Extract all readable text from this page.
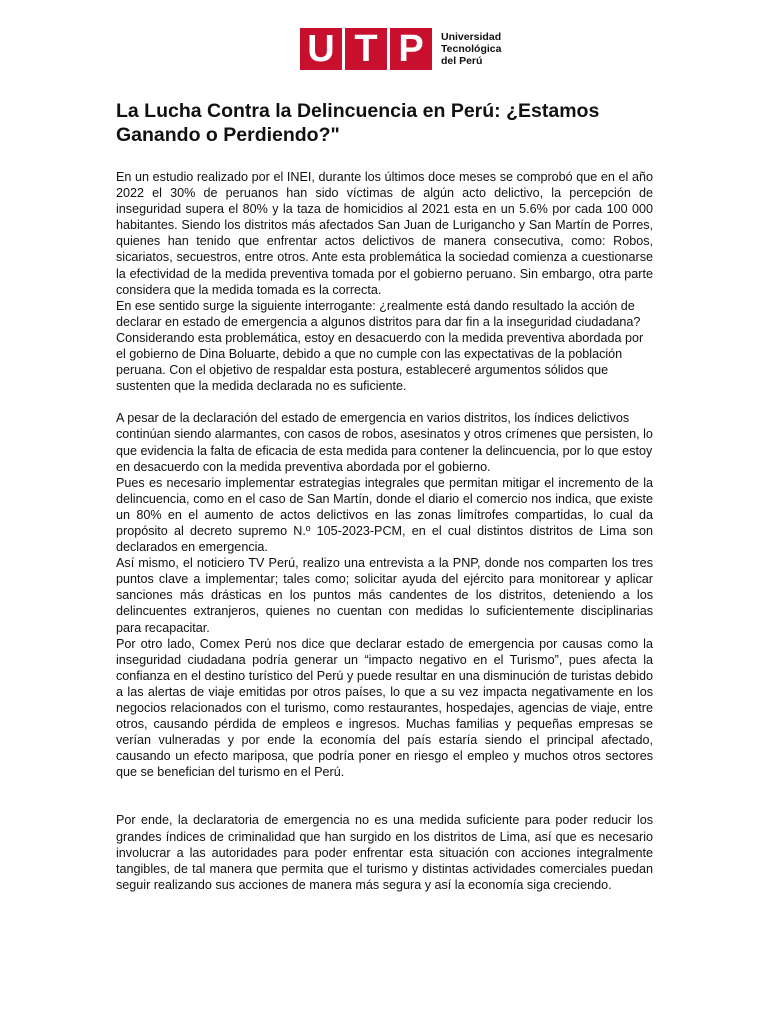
U T P	Universidad
Tecnológica
del Perú
La Lucha Contra la Delincuencia en Perú: ¿Estamos Ganando o Perdiendo?"

En un estudio realizado por el INEI, durante los últimos doce meses se comprobó que en el año 2022 el 30% de peruanos han sido víctimas de algún acto delictivo, la percepción de inseguridad supera el 80% y la taza de homicidios al 2021 esta en un 5.6% por cada 100 000 habitantes. Siendo los distritos más afectados San Juan de Lurigancho y San Martín de Porres, quienes han tenido que enfrentar actos delictivos de manera consecutiva, como: Robos, sicariatos, secuestros, entre otros. Ante esta problemática la sociedad comienza a cuestionarse la efectividad de la medida preventiva tomada por el gobierno peruano. Sin embargo, otra parte considera que la medida tomada es la correcta.

En ese sentido surge la siguiente interrogante: ¿realmente está dando resultado la acción de declarar en estado de emergencia a algunos distritos para dar fin a la inseguridad ciudadana? Considerando esta problemática, estoy en desacuerdo con la medida preventiva abordada por el gobierno de Dina Boluarte, debido a que no cumple con las expectativas de la población peruana. Con el objetivo de respaldar esta postura, estableceré argumentos sólidos que sustenten que la medida declarada no es suficiente.

A pesar de la declaración del estado de emergencia en varios distritos, los índices delictivos continúan siendo alarmantes, con casos de robos, asesinatos y otros crímenes que persisten, lo que evidencia la falta de eficacia de esta medida para contener la delincuencia, por lo que estoy en desacuerdo con la medida preventiva abordada por el gobierno.

Pues es necesario implementar estrategias integrales que permitan mitigar el incremento de la delincuencia, como en el caso de San Martín, donde el diario el comercio nos indica, que existe un 80% en el aumento de actos delictivos en las zonas limítrofes compartidas, lo cual da propósito al decreto supremo N.º 105-2023-PCM, en el cual distintos distritos de Lima son declarados en emergencia.

Así mismo, el noticiero TV Perú, realizo una entrevista a la PNP, donde nos comparten los tres puntos clave a implementar; tales como; solicitar ayuda del ejército para monitorear y aplicar sanciones más drásticas en los puntos más candentes de los distritos, deteniendo a los delincuentes extranjeros, quienes no cuentan con medidas lo suficientemente disciplinarias para recapacitar.

Por otro lado, Comex Perú nos dice que declarar estado de emergencia por causas como la inseguridad ciudadana podría generar un “impacto negativo en el Turismo”, pues afecta la confianza en el destino turístico del Perú y puede resultar en una disminución de turistas debido a las alertas de viaje emitidas por otros países, lo que a su vez impacta negativamente en los negocios relacionados con el turismo, como restaurantes, hospedajes, agencias de viaje, entre otros, causando pérdida de empleos e ingresos. Muchas familias y pequeñas empresas se verían vulneradas y por ende la economía del país estaría siendo el principal afectado, causando un efecto mariposa, que podría poner en riesgo el empleo y muchos otros sectores que se benefician del turismo en el Perú.

Por ende, la declaratoria de emergencia no es una medida suficiente para poder reducir los grandes índices de criminalidad que han surgido en los distritos de Lima, así que es necesario involucrar a las autoridades para poder enfrentar esta situación con acciones integralmente tangibles, de tal manera que permita que el turismo y distintas actividades comerciales puedan seguir realizando sus acciones de manera más segura y así la economía siga creciendo.
